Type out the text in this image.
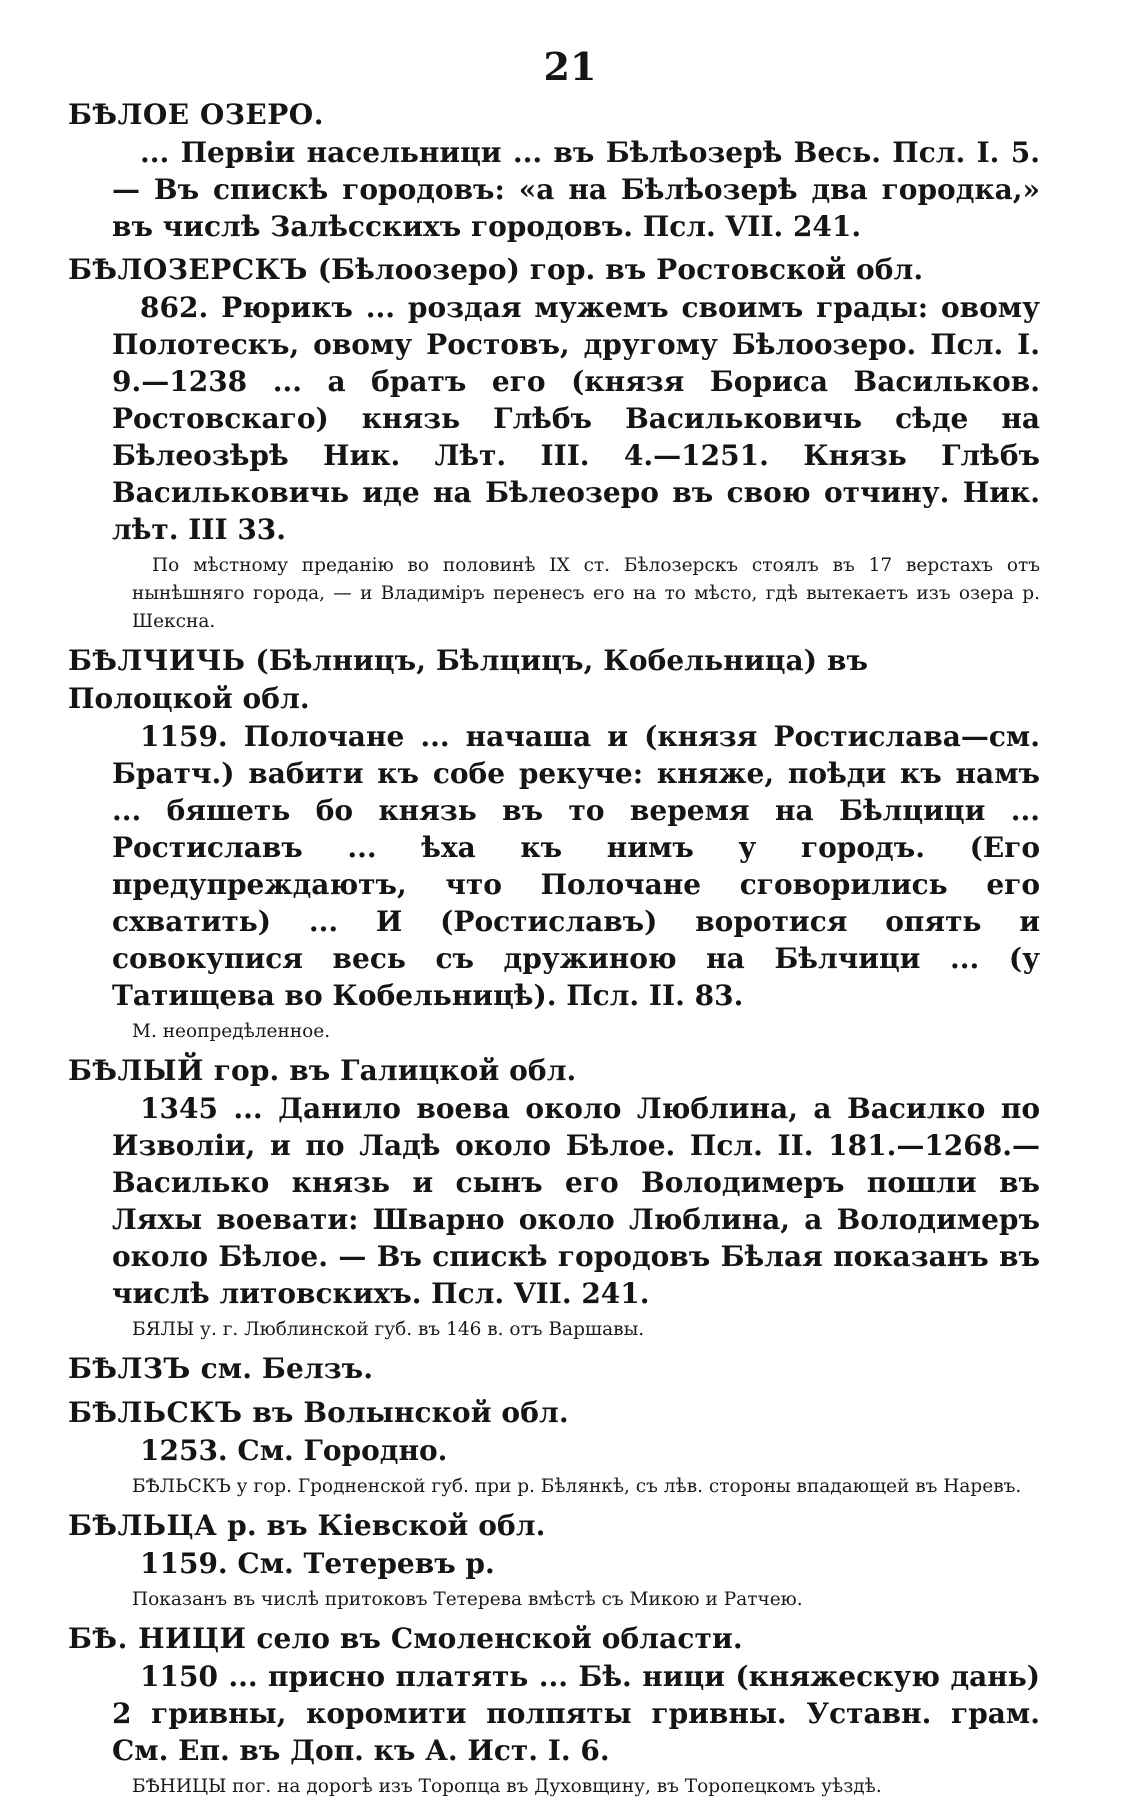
21

БѢЛОЕ ОЗЕРО.

... Первіи насельници ... въ Бѣлѣозерѣ Весь. Псл. I. 5. — Въ спискѣ городовъ: «а на Бѣлѣозерѣ два городка,» въ числѣ Залѣсскихъ городовъ. Псл. VII. 241.

БѢЛОЗЕРСКЪ (Бѣлоозеро) гор. въ Ростовской обл.

862. Рюрикъ ... роздая мужемъ своимъ грады: овому Полотескъ, овому Ростовъ, другому Бѣлоозеро. Псл. I. 9.—1238 ... а братъ его (князя Бориса Васильков. Ростовскаго) князь Глѣбъ Васильковичь сѣде на Бѣлеозѣрѣ Ник. Лѣт. III. 4.—1251. Князь Глѣбъ Васильковичь иде на Бѣлеозеро въ свою отчину. Ник. лѣт. III 33.

По мѣстному преданію во половинѣ IX ст. Бѣлозерскъ стоялъ въ 17 верстахъ отъ нынѣшняго города, — и Владиміръ перенесъ его на то мѣсто, гдѣ вытекаетъ изъ озера р. Шексна.

БѢЛЧИЧЬ (Бѣлницъ, Бѣлцицъ, Кобельница) въ Полоцкой обл.

1159. Полочане ... начаша и (князя Ростислава—см. Братч.) вабити къ собе рекуче: княже, поѣди къ намъ ... бяшеть бо князь въ то веремя на Бѣлцици ... Ростиславъ ... ѣха къ нимъ у городъ. (Его предупреждаютъ, что Полочане сговорились его схватить) ... И (Ростиславъ) воротися опять и совокупися весь съ дружиною на Бѣлчици ... (у Татищева во Кобельницѣ). Псл. II. 83.

М. неопредѣленное.

БѢЛЫЙ гор. въ Галицкой обл.

1345 ... Данило воева около Люблина, а Василко по Изволіи, и по Ладѣ около Бѣлое. Псл. II. 181.—1268.—Василько князь и сынъ его Володимеръ пошли въ Ляхы воевати: Шварно около Люблина, а Володимеръ около Бѣлое. — Въ спискѣ городовъ Бѣлая показанъ въ числѣ литовскихъ. Псл. VII. 241.

БЯЛЫ у. г. Люблинской губ. въ 146 в. отъ Варшавы.

БѢЛЗЪ см. Белзъ.

БѢЛЬСКЪ въ Волынской обл.

1253. См. Городно.

БѢЛЬСКЪ у гор. Гродненской губ. при р. Бѣлянкѣ, съ лѣв. стороны впадающей въ Наревъ.

БѢЛЬЦА р. въ Кіевской обл.

1159. См. Тетеревъ р.

Показанъ въ числѣ притоковъ Тетерева вмѣстѣ съ Микою и Ратчею.

БѢ. НИЦИ село въ Смоленской области.

1150 ... присно платять ... Бѣ. ници (княжескую дань) 2 гривны, коромити полпяты гривны. Уставн. грам. См. Еп. въ Доп. къ А. Ист. I. 6.

БѢНИЦЫ пог. на дорогѣ изъ Торопца въ Духовщину, въ Торопецкомъ уѣздѣ.
